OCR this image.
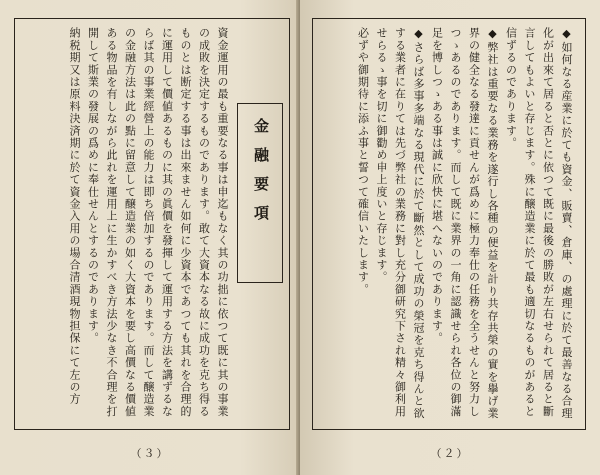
金融要項
資金運用の最も重要なる事は申迄もなく其の功拙に依つて既に其の事業の成敗を決定するものであります。敢て大資本なる故に成功を克ち得るものとは断定する事は出來ません如何に少資本であつても其れを合理的に運用して價値あるものに其の眞價を發揮して運用する方法を講ずるならば其の事業經營上の能力は即ち倍加するのであります。而して醸造業の金融方法は此の點に留意して醸造業の如く大資本を要し高價なる價値ある物品を有しながら此れを運用上に生かすべき方法少なき不合理を打開して斯業の發展の爲めに奉仕せんとするのであります。
納税期又は原料決済期に於て資金入用の場合清酒現物担保にて左の方
（３）
◆如何なる産業に於ても資金、販賣、倉庫、の處理に於て最善なる合理化が出來て居ると否とに依つて既に最後の勝敗が左右せられて居ると斷言してもよいと存じます。殊に醸造業に於て最も適切なるものがあると信ずるのであります。
◆弊社は重要なる業務を遂行し各種の便益を計り共存共榮の實を擧げ業界の健全なる發達に貢せんが爲めに極力奉仕の任務を全うせんと努力しつゝあるのであります。而して既に業界の一角に認識せられ各位の御滿足を博しつゝある事は誠に欣快に堪へないのであります。
◆さらば多事多端なる現代に於て斷然として成功の榮冠を克ち得んと欲する業者に在りては先づ弊社の業務に對し充分御研究下され精々御利用せらるゝ事を切に御勸め申上度いと存じます。
必ずや御期待に添ふ事と誓つて確信いたします。
（２）
